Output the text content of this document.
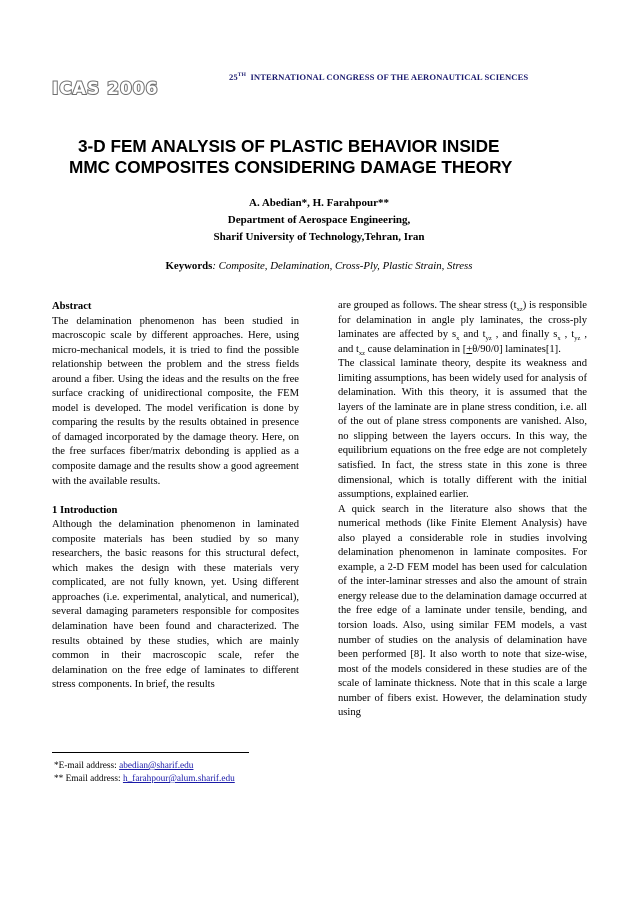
ICAS 2006
25TH INTERNATIONAL CONGRESS OF THE AERONAUTICAL SCIENCES
3-D FEM ANALYSIS OF PLASTIC BEHAVIOR INSIDE
MMC COMPOSITES CONSIDERING DAMAGE THEORY
A. Abedian*, H. Farahpour**
Department of Aerospace Engineering,
Sharif University of Technology,Tehran, Iran
Keywords: Composite, Delamination, Cross-Ply, Plastic Strain, Stress

Abstract

The delamination phenomenon has been studied in macroscopic scale by different approaches. Here, using micro-mechanical models, it is tried to find the possible relationship between the problem and the stress fields around a fiber. Using the ideas and the results on the free surface cracking of unidirectional composite, the FEM model is developed. The model verification is done by comparing the results by the results obtained in presence of damaged incorporated by the damage theory. Here, on the free surfaces fiber/matrix debonding is applied as a composite damage and the results show a good agreement with the available results.

1 Introduction

Although the delamination phenomenon in laminated composite materials has been studied by so many researchers, the basic reasons for this structural defect, which makes the design with these materials very complicated, are not fully known, yet. Using different approaches (i.e. experimental, analytical, and numerical), several damaging parameters responsible for composites delamination have been found and characterized. The results obtained by these studies, which are mainly common in their macroscopic scale, refer the delamination on the free edge of laminates to different stress components. In brief, the results

are grouped as follows. The shear stress $(t_{xz})$ is responsible for delamination in angle ply laminates, the cross-ply laminates are affected by $s_x$ and $t_{yz}$ , and finally $s_x$ , $t_{yz}$ , and $t_{xz}$ cause delamination in [+θ/90/0] laminates[1].

The classical laminate theory, despite its weakness and limiting assumptions, has been widely used for analysis of delamination. With this theory, it is assumed that the layers of the laminate are in plane stress condition, i.e. all of the out of plane stress components are vanished. Also, no slipping between the layers occurs. In this way, the equilibrium equations on the free edge are not completely satisfied. In fact, the stress state in this zone is three dimensional, which is totally different with the initial assumptions, explained earlier.

A quick search in the literature also shows that the numerical methods (like Finite Element Analysis) have also played a considerable role in studies involving delamination phenomenon in laminate composites. For example, a 2-D FEM model has been used for calculation of the inter-laminar stresses and also the amount of strain energy release due to the delamination damage occurred at the free edge of a laminate under tensile, bending, and torsion loads. Also, using similar FEM models, a vast number of studies on the analysis of delamination have been performed [8]. It also worth to note that size-wise, most of the models considered in these studies are of the scale of laminate thickness. Note that in this scale a large number of fibers exist. However, the delamination study using

*E-mail address: abedian@sharif.edu
** Email address: h_farahpour@alum.sharif.edu
